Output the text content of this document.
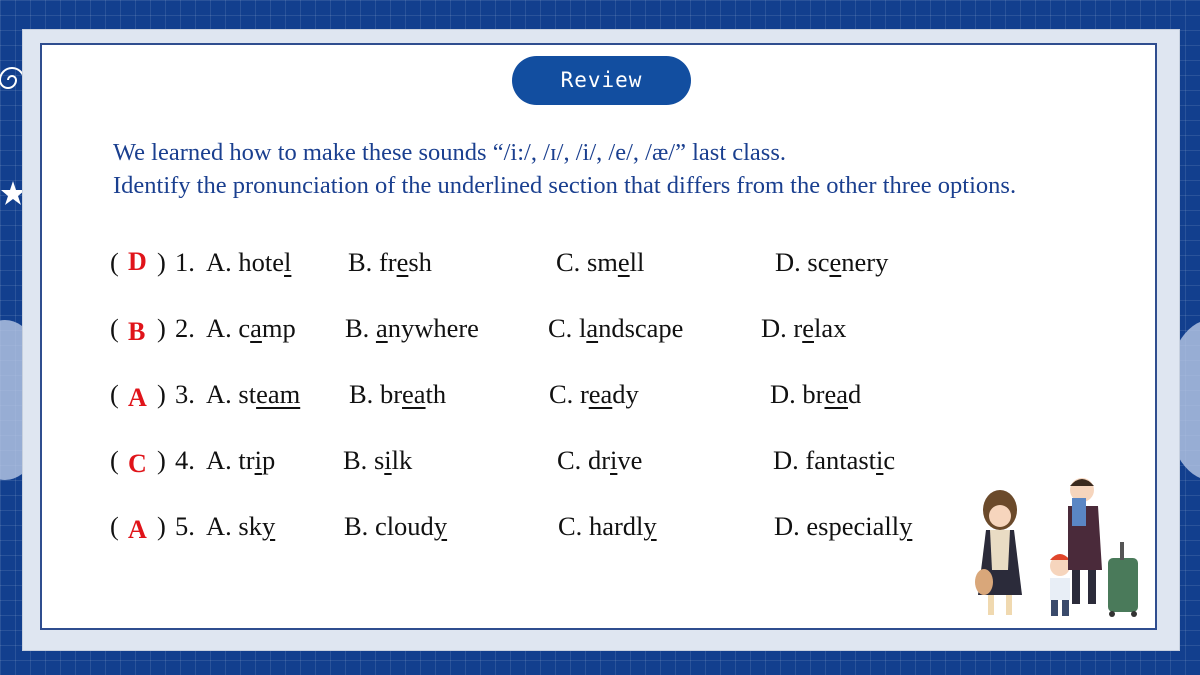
Review
We learned how to make these sounds “/i:/, /ɪ/, /i/, /e/, /æ/” last class.
Identify the pronunciation of the underlined section that differs from the other three options.
( D ) 1. A. hotel B. fresh	C. smell	D. scenery
( B ) 2. A. camp B. anywhere	C. landscape	D. relax
( A ) 3. A. steam B. breath	C. ready	D. bread
( C ) 4. A. trip	B. silk	C. drive	D. fantastic
( A ) 5. A. sky	B. cloudy	C. hardly	D. especially
